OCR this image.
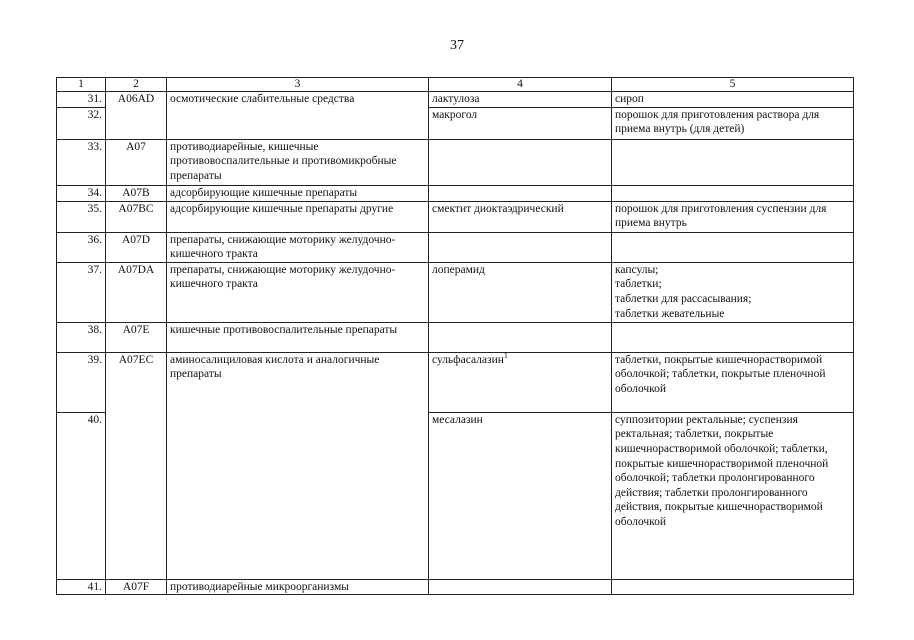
37
1	2	3	4	5
31.	A06AD	осмотические слабительные средства	лактулоза	сироп
32.			макрогол	порошок для приготовления раствора для приема внутрь (для детей)
33.	A07	противодиарейные, кишечные противовоспалительные и противомикробные препараты		
34.	A07B	адсорбирующие кишечные препараты		
35.	A07BC	адсорбирующие кишечные препараты другие	смектит диоктаэдрический	порошок для приготовления суспензии для приема внутрь
36.	A07D	препараты, снижающие моторику желудочно-кишечного тракта		
37.	A07DA	препараты, снижающие моторику желудочно-кишечного тракта	лоперамид	капсулы;
таблетки;
таблетки для рассасывания;
таблетки жевательные

38.	A07E	кишечные противовоспалительные препараты		
39.	A07EC	аминосалициловая кислота и аналогичные препараты	сульфасалазин$^1$	таблетки, покрытые кишечнорастворимой оболочкой; таблетки, покрытые пленочной оболочкой
40.			месалазин	суппозитории ректальные; суспензия ректальная; таблетки, покрытые кишечнорастворимой оболочкой; таблетки, покрытые кишечнорастворимой пленочной оболочкой; таблетки пролонгированного действия; таблетки пролонгированного действия, покрытые кишечнорастворимой оболочкой
41.	A07F	противодиарейные микроорганизмы		
